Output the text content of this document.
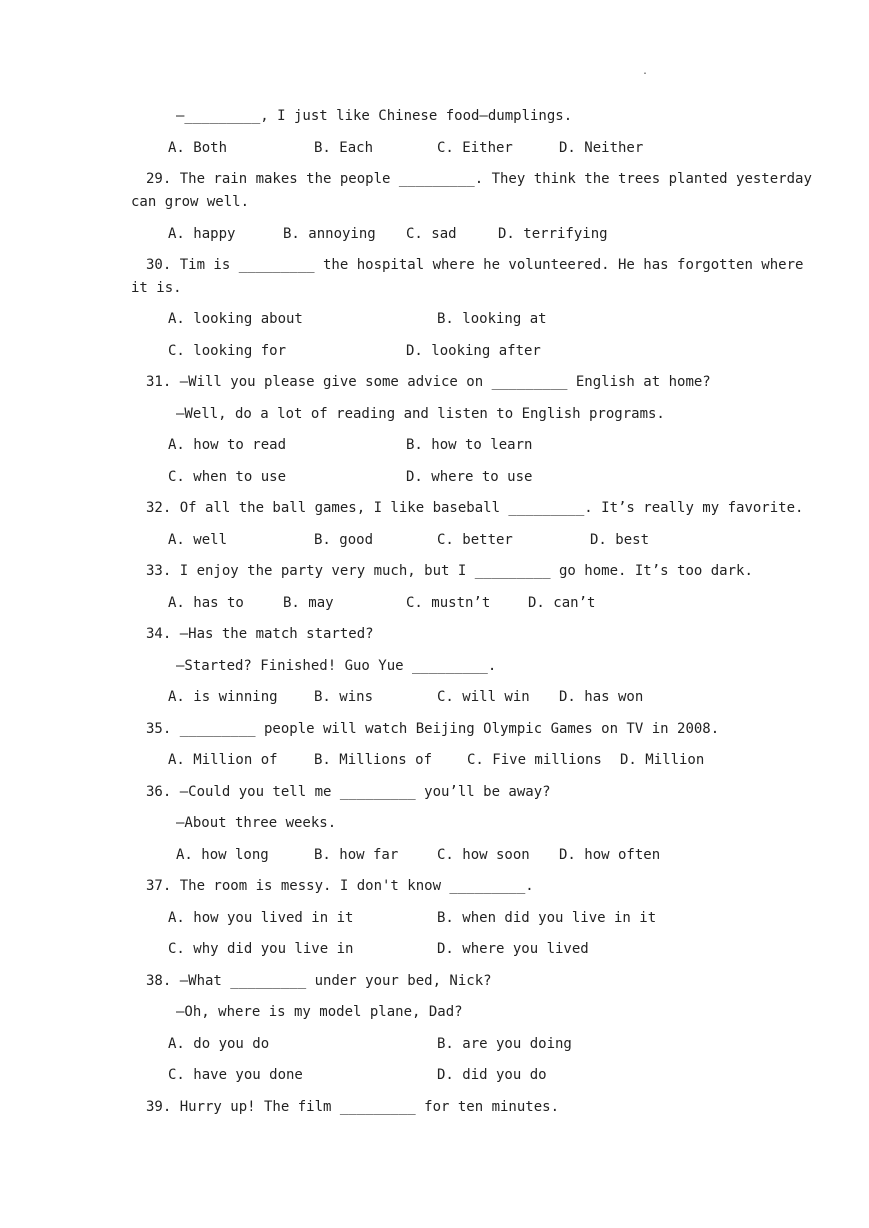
.
—_________, I just like Chinese food—dumplings.
A. Both	B. Each	C. Either	D. Neither
29. The rain makes the people _________. They think the trees planted yesterday
can grow well.
A. happy	B. annoying C. sad	D. terrifying
30. Tim is _________ the hospital where he volunteered. He has forgotten where
it is.
A. looking about	B. looking at
C. looking for	D. looking after
31. —Will you please give some advice on _________ English at home?
—Well, do a lot of reading and listen to English programs.
A. how to read	B. how to learn
C. when to use	D. where to use
32. Of all the ball games, I like baseball _________. It’s really my favorite.
A. well	B. good	C. better	D. best
33. I enjoy the party very much, but I _________ go home. It’s too dark.
A. has to	B. may	C. mustn’t	D. can’t
34. —Has the match started?
—Started? Finished! Guo Yue _________.
A. is winning	B. wins	C. will win D. has won
35. _________ people will watch Beijing Olympic Games on TV in 2008.
A. Million of	B. Millions of C. Five millions D. Million
36. —Could you tell me _________ you’ll be away?
—About three weeks.
A. how long	B. how far	C. how soon D. how often
37. The room is messy. I don't know _________.
A. how you lived in it	B. when did you live in it
C. why did you live in	D. where you lived
38. —What _________ under your bed, Nick?
—Oh, where is my model plane, Dad?
A. do you do	B. are you doing
C. have you done	D. did you do
39. Hurry up! The film _________ for ten minutes.
